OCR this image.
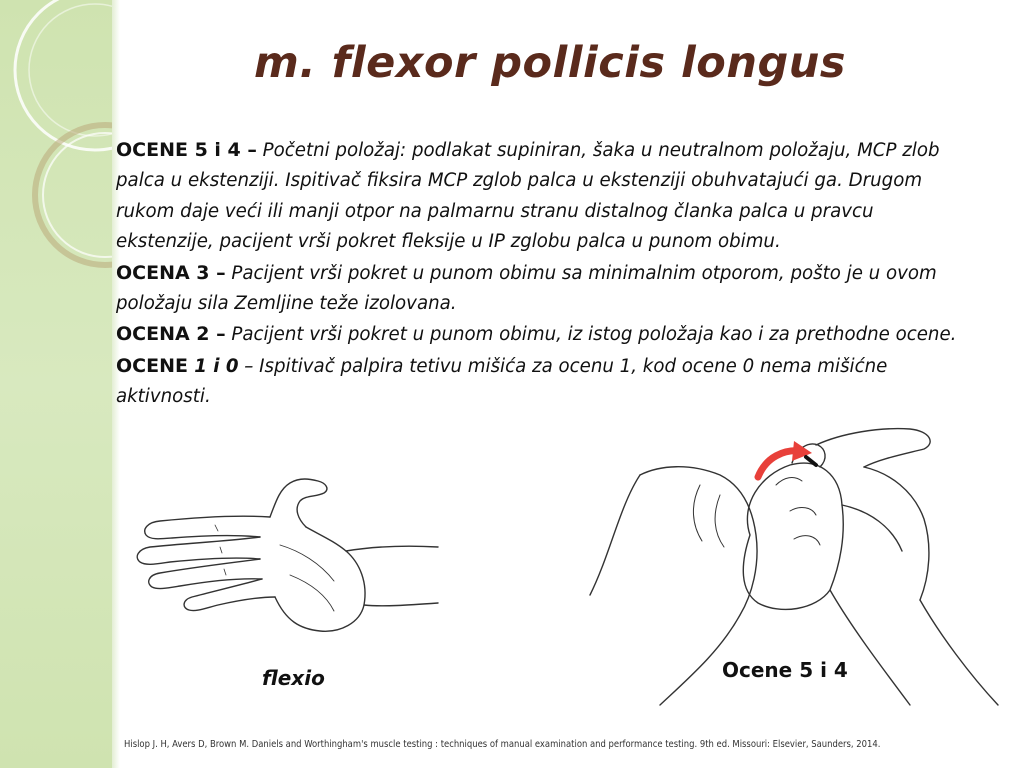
m. flexor pollicis longus
OCENE 5 i 4 – Početni položaj: podlakat supiniran, šaka u neutralnom položaju, MCP zlob palca u ekstenziji. Ispitivač fiksira MCP zglob palca u ekstenziji obuhvatajući ga. Drugom rukom daje veći ili manji otpor na palmarnu stranu distalnog članka palca u pravcu ekstenzije, pacijent vrši pokret fleksije u IP zglobu palca u punom obimu.
OCENA 3 – Pacijent vrši pokret u punom obimu sa minimalnim otporom, pošto je u ovom položaju sila Zemljine teže izolovana.
OCENA 2 – Pacijent vrši pokret u punom obimu, iz istog položaja kao i za prethodne ocene.
OCENE 1 i 0 – Ispitivač palpira tetivu mišića za ocenu 1, kod ocene 0 nema mišićne aktivnosti.
flexio	Ocene 5 i 4
Hislop J. H, Avers D, Brown M. Daniels and Worthingham's muscle testing : techniques of manual examination and performance testing. 9th ed. Missouri: Elsevier, Saunders, 2014.
